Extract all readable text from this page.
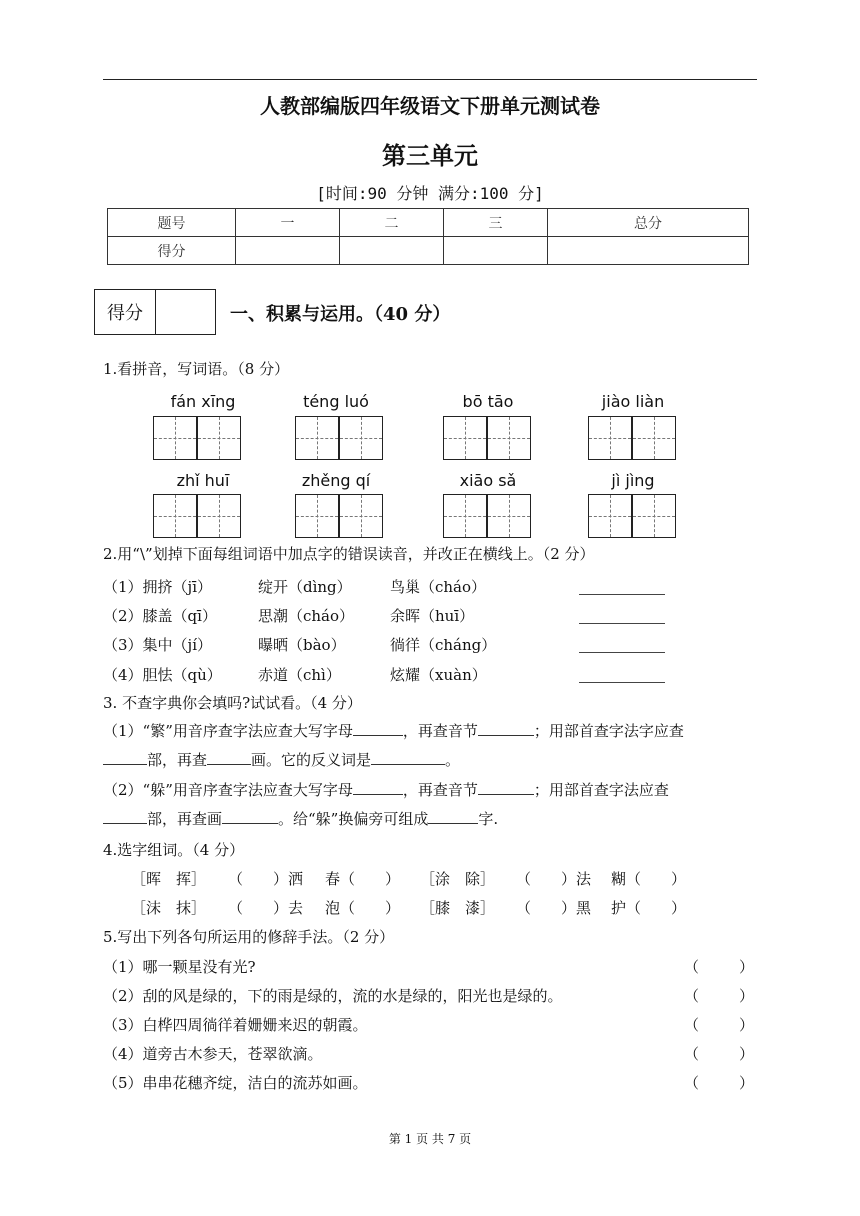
人教部编版四年级语文下册单元测试卷
第三单元
[时间:90 分钟 满分:100 分]
题号	一	二	三	总分
得分				
得分	一、积累与运用。（40 分）
1.看拼音，写词语。（8 分）
fán xīng	téng luó	bō tāo	jiào liàn
zhǐ huī	zhěng qí	xiāo sǎ	jì jìng
2.用“\”划掉下面每组词语中加点字的错误读音，并改正在横线上。（2 分）
（1）拥挤（jī）	绽开（dìng）	鸟巢（cháo）
（2）膝盖（qī）	思潮（cháo） 余晖（huī）
（3）集中（jí）	曝晒（bào）	徜徉（cháng）
（4）胆怯（qù） 赤道（chì）	炫耀（xuàn）
3. 不查字典你会填吗?试试看。（4 分）
（1）“繁”用音序查字法应查大写字母	，再查音节	；用部首查字法字应查
部，再查	画。它的反义词是	。
（2）“躲”用音序查字法应查大写字母	，再查音节	；用部首查字法应查
部，再查画	。给“躲”换偏旁可组成	字.
4.选字组词。（4 分）
［晖　挥］ （　　）洒 春（　　） ［涂　除］ （　　）法 糊（　　）
［沫　抹］ （　　）去 泡（　　） ［膝　漆］ （　　）黑 护（　　）
5.写出下列各句所运用的修辞手法。（2 分）
（1）哪一颗星没有光?	（	）
（2）刮的风是绿的，下的雨是绿的，流的水是绿的，阳光也是绿的。	（	）
（3）白桦四周徜徉着姗姗来迟的朝霞。	（	）
（4）道旁古木参天，苍翠欲滴。	（	）
（5）串串花穗齐绽，洁白的流苏如画。	（	）
第 1 页 共 7 页
